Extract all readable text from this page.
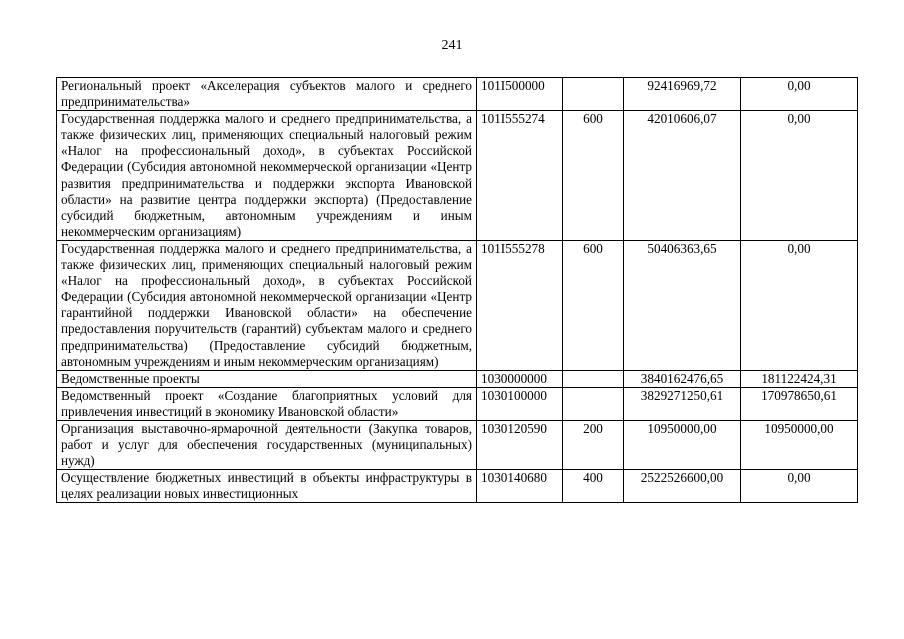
241
Региональный проект «Акселерация субъектов малого и среднего предпринимательства»	101I500000		92416969,72	0,00
Государственная поддержка малого и среднего предпринимательства, а также физических лиц, применяющих специальный налоговый режим «Налог на профессиональный доход», в субъектах Российской Федерации (Субсидия автономной некоммерческой организации «Центр развития предпринимательства и поддержки экспорта Ивановской области» на развитие центра поддержки экспорта) (Предоставление субсидий бюджетным, автономным учреждениям и иным некоммерческим организациям)	101I555274	600	42010606,07	0,00
Государственная поддержка малого и среднего предпринимательства, а также физических лиц, применяющих специальный налоговый режим «Налог на профессиональный доход», в субъектах Российской Федерации (Субсидия автономной некоммерческой организации «Центр гарантийной поддержки Ивановской области» на обеспечение предоставления поручительств (гарантий) субъектам малого и среднего предпринимательства) (Предоставление субсидий бюджетным, автономным учреждениям и иным некоммерческим организациям)	101I555278	600	50406363,65	0,00
Ведомственные проекты	1030000000		3840162476,65	181122424,31
Ведомственный проект «Создание благоприятных условий для привлечения инвестиций в экономику Ивановской области»	1030100000		3829271250,61	170978650,61
Организация выставочно-ярмарочной деятельности (Закупка товаров, работ и услуг для обеспечения государственных (муниципальных) нужд)	1030120590	200	10950000,00	10950000,00
Осуществление бюджетных инвестиций в объекты инфраструктуры в целях реализации новых инвестиционных	1030140680	400	2522526600,00	0,00
